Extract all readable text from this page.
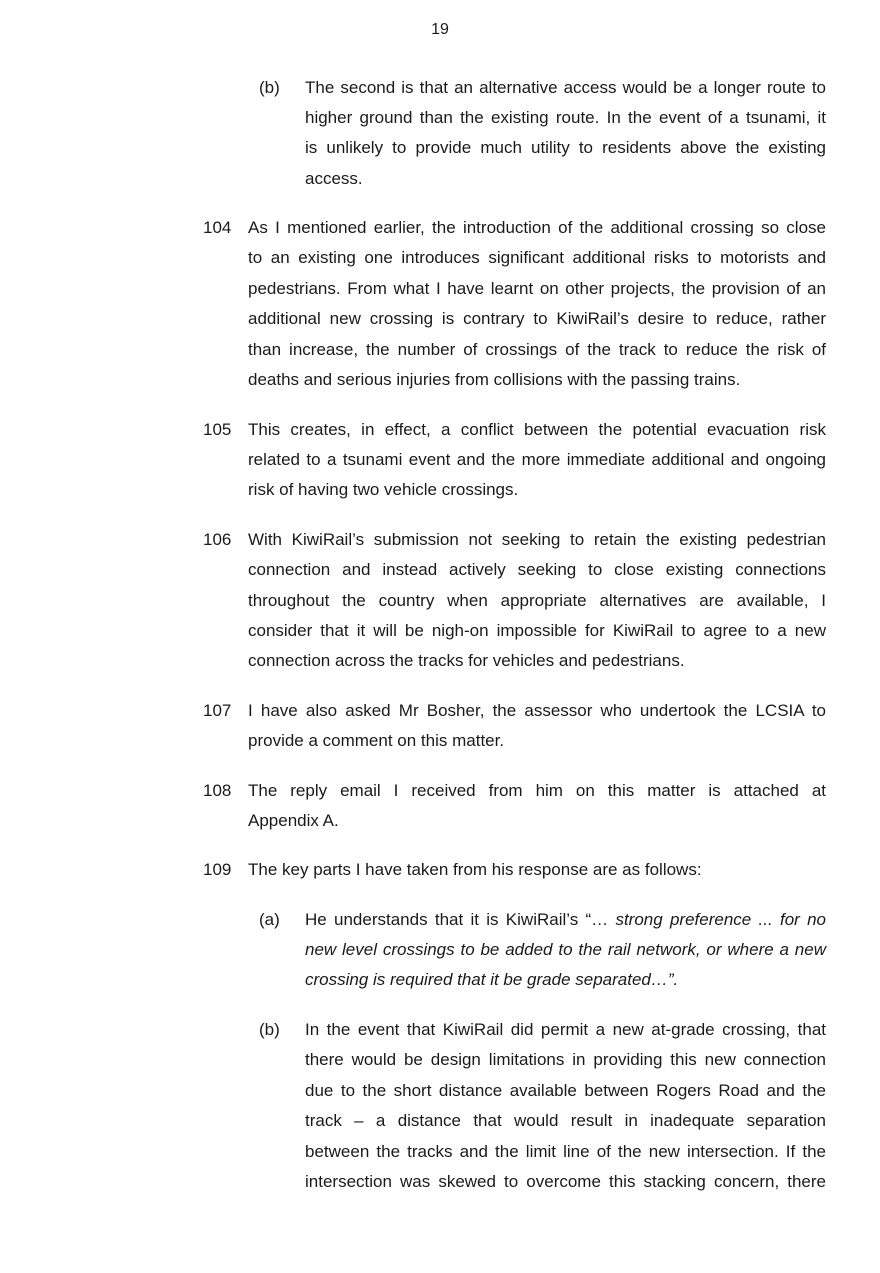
19
(b) The second is that an alternative access would be a longer route to
higher ground than the existing route. In the event of a tsunami, it
is unlikely to provide much utility to residents above the existing
access.
104 As I mentioned earlier, the introduction of the additional crossing so close
to an existing one introduces significant additional risks to motorists and
pedestrians. From what I have learnt on other projects, the provision of an
additional new crossing is contrary to KiwiRail’s desire to reduce, rather
than increase, the number of crossings of the track to reduce the risk of
deaths and serious injuries from collisions with the passing trains.
105 This creates, in effect, a conflict between the potential evacuation risk
related to a tsunami event and the more immediate additional and ongoing
risk of having two vehicle crossings.
106 With KiwiRail’s submission not seeking to retain the existing pedestrian
connection and instead actively seeking to close existing connections
throughout the country when appropriate alternatives are available, I
consider that it will be nigh-on impossible for KiwiRail to agree to a new
connection across the tracks for vehicles and pedestrians.
107 I have also asked Mr Bosher, the assessor who undertook the LCSIA to
provide a comment on this matter.
108 The reply email I received from him on this matter is attached at
Appendix A.
109 The key parts I have taken from his response are as follows:
(a) He understands that it is KiwiRail’s “… strong preference ... for no
new level crossings to be added to the rail network, or where a new
crossing is required that it be grade separated…”.
(b) In the event that KiwiRail did permit a new at-grade crossing, that
there would be design limitations in providing this new connection
due to the short distance available between Rogers Road and the
track – a distance that would result in inadequate separation
between the tracks and the limit line of the new intersection. If the
intersection was skewed to overcome this stacking concern, there
